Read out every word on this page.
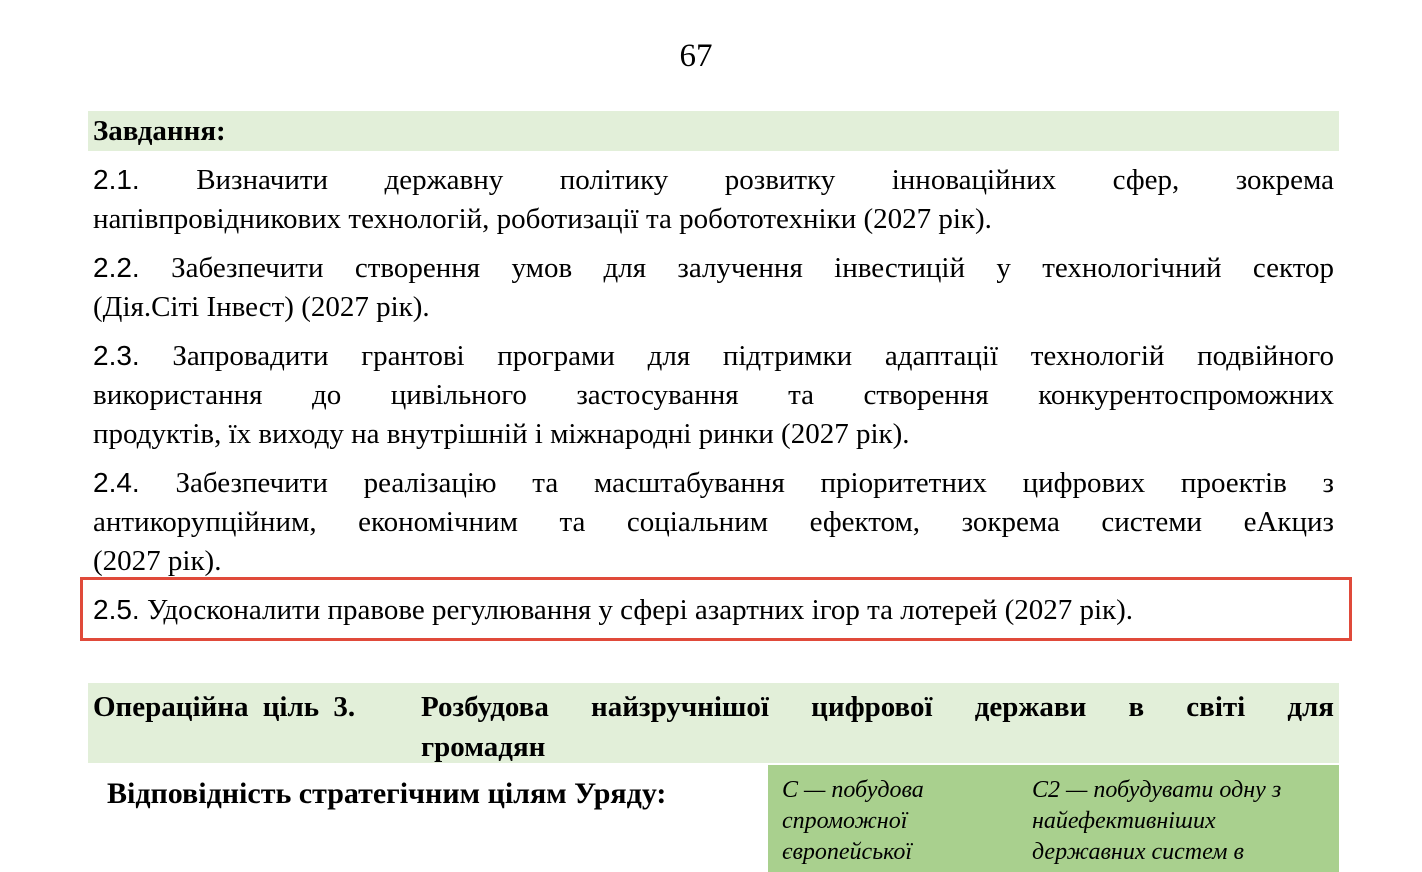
67
Завдання:
2.1. Визначити державну політику розвитку інноваційних сфер, зокрема
напівпровідникових технологій, роботизації та робототехніки (2027 рік).
2.2. Забезпечити створення умов для залучення інвестицій у технологічний сектор
(Дія.Сіті Інвест) (2027 рік).
2.3. Запровадити грантові програми для підтримки адаптації технологій подвійного
використання до цивільного застосування та створення конкурентоспроможних
продуктів, їх виходу на внутрішній і міжнародні ринки (2027 рік).
2.4. Забезпечити реалізацію та масштабування пріоритетних цифрових проектів з
антикорупційним, економічним та соціальним ефектом, зокрема системи еАкциз
(2027 рік).
2.5. Удосконалити правове регулювання у сфері азартних ігор та лотерей (2027 рік).
Операційна ціль 3. Розбудова найзручнішої цифрової держави в світі для
громадян
Відповідність стратегічним цілям Уряду:	С — побудова спроможної європейської
С2 — побудувати одну з найефективніших державних систем в
